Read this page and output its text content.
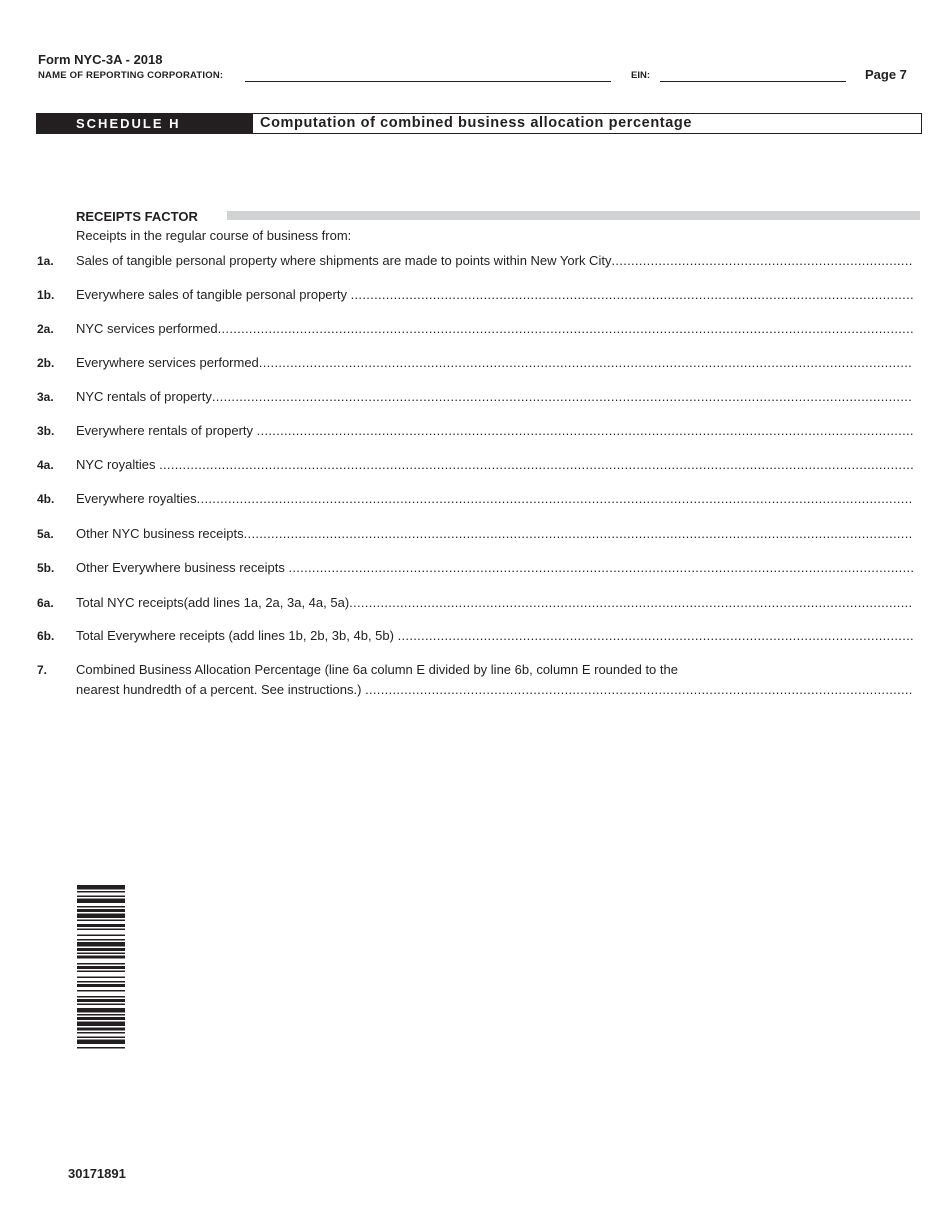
Form NYC-3A - 2018
NAME OF REPORTING CORPORATION:	EIN:	Page 7
SCHEDULE H	Computation of combined business allocation percentage
RECEIPTS FACTOR
Receipts in the regular course of business from:
1a. Sales of tangible personal property where shipments are made to points within New York City .....
1b. Everywhere sales of tangible personal property .....
2a. NYC services performed .....
2b. Everywhere services performed .....
3a. NYC rentals of property .....
3b. Everywhere rentals of property .....
4a. NYC royalties .....
4b. Everywhere royalties .....
5a. Other NYC business receipts .....
5b. Other Everywhere business receipts .....
6a. Total NYC receipts(add lines 1a, 2a, 3a, 4a, 5a) .....
6b. Total Everywhere receipts (add lines 1b, 2b, 3b, 4b, 5b) .....
7. Combined Business Allocation Percentage (line 6a column E divided by line 6b, column E rounded to the
nearest hundredth of a percent. See instructions.) .....
30171891
